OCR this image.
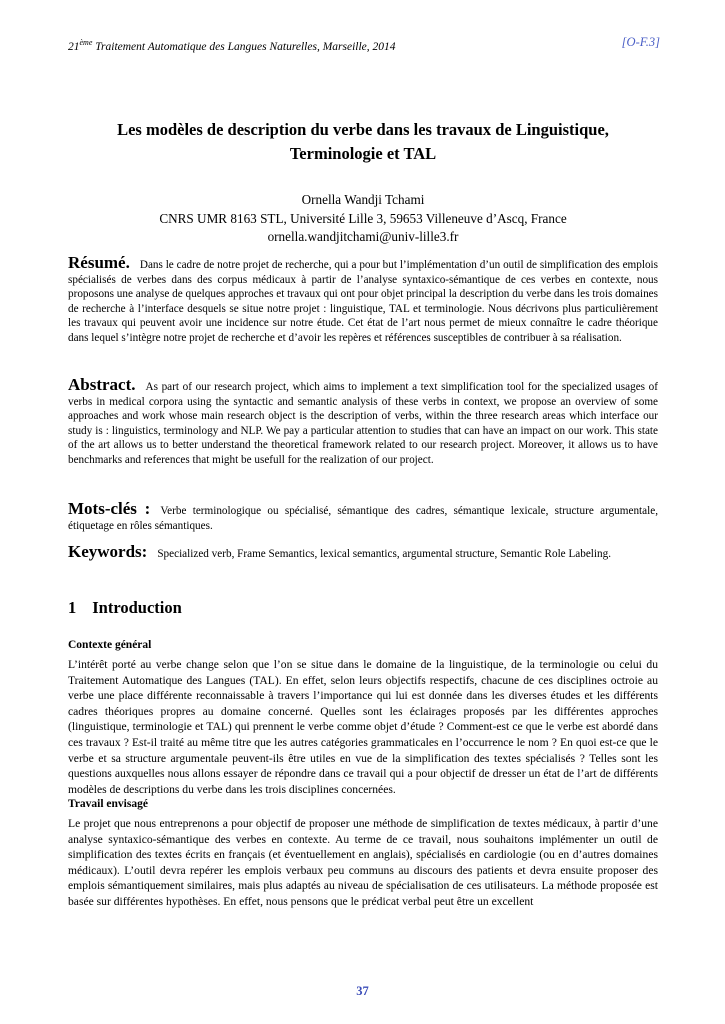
21ème Traitement Automatique des Langues Naturelles, Marseille, 2014	[O-F.3]
Les modèles de description du verbe dans les travaux de Linguistique,
Terminologie et TAL
Ornella Wandji Tchami
CNRS UMR 8163 STL, Université Lille 3, 59653 Villeneuve d’Ascq, France
ornella.wandjitchami@univ-lille3.fr
Résumé. Dans le cadre de notre projet de recherche, qui a pour but l’implémentation d’un outil de simplification des emplois spécialisés de verbes dans des corpus médicaux à partir de l’analyse syntaxico-sémantique de ces verbes en contexte, nous proposons une analyse de quelques approches et travaux qui ont pour objet principal la description du verbe dans les trois domaines de recherche à l’interface desquels se situe notre projet : linguistique, TAL et terminologie. Nous décrivons plus particulièrement les travaux qui peuvent avoir une incidence sur notre étude. Cet état de l’art nous permet de mieux connaître le cadre théorique dans lequel s’intègre notre projet de recherche et d’avoir les repères et références susceptibles de contribuer à sa réalisation.
Abstract. As part of our research project, which aims to implement a text simplification tool for the specialized usages of verbs in medical corpora using the syntactic and semantic analysis of these verbs in context, we propose an overview of some approaches and work whose main research object is the description of verbs, within the three research areas which interface our study is : linguistics, terminology and NLP. We pay a particular attention to studies that can have an impact on our work. This state of the art allows us to better understand the theoretical framework related to our research project. Moreover, it allows us to have benchmarks and references that might be usefull for the realization of our project.
Mots-clés : Verbe terminologique ou spécialisé, sémantique des cadres, sémantique lexicale, structure argumentale, étiquetage en rôles sémantiques.
Keywords: Specialized verb, Frame Semantics, lexical semantics, argumental structure, Semantic Role Labeling.
1 Introduction
Contexte général
L’intérêt porté au verbe change selon que l’on se situe dans le domaine de la linguistique, de la terminologie ou celui du Traitement Automatique des Langues (TAL). En effet, selon leurs objectifs respectifs, chacune de ces disciplines octroie au verbe une place différente reconnaissable à travers l’importance qui lui est donnée dans les diverses études et les différents cadres théoriques propres au domaine concerné. Quelles sont les éclairages proposés par les différentes approches (linguistique, terminologie et TAL) qui prennent le verbe comme objet d’étude ? Comment-est ce que le verbe est abordé dans ces travaux ? Est-il traité au même titre que les autres catégories grammaticales en l’occurrence le nom ? En quoi est-ce que le verbe et sa structure argumentale peuvent-ils être utiles en vue de la simplification des textes spécialisés ? Telles sont les questions auxquelles nous allons essayer de répondre dans ce travail qui a pour objectif de dresser un état de l’art de différents modèles de descriptions du verbe dans les trois disciplines concernées.
Travail envisagé
Le projet que nous entreprenons a pour objectif de proposer une méthode de simplification de textes médicaux, à partir d’une analyse syntaxico-sémantique des verbes en contexte. Au terme de ce travail, nous souhaitons implémenter un outil de simplification des textes écrits en français (et éventuellement en anglais), spécialisés en cardiologie (ou en d’autres domaines médicaux). L’outil devra repérer les emplois verbaux peu communs au discours des patients et devra ensuite proposer des emplois sémantiquement similaires, mais plus adaptés au niveau de spécialisation de ces utilisateurs. La méthode proposée est basée sur différentes hypothèses. En effet, nous pensons que le prédicat verbal peut être un excellent
37
